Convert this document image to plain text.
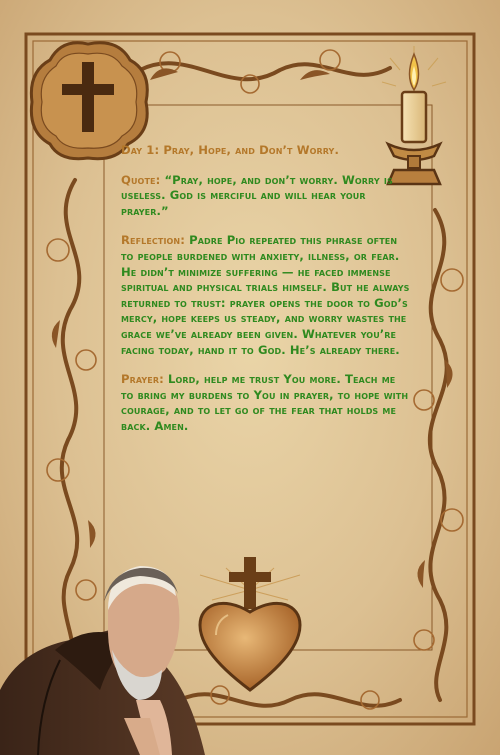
Day 1: Pray, Hope, and Don’t Worry.

Quote: “Pray, hope, and don’t worry. Worry is useless. God is merciful and will hear your prayer.”

Reflection: Padre Pio repeated this phrase often to people burdened with anxiety, illness, or fear. He didn’t minimize suffering — he faced immense spiritual and physical trials himself. But he always returned to trust: prayer opens the door to God’s mercy, hope keeps us steady, and worry wastes the grace we’ve already been given. Whatever you’re facing today, hand it to God. He’s already there.

Prayer: Lord, help me trust You more. Teach me to bring my burdens to You in prayer, to hope with courage, and to let go of the fear that holds me back. Amen.
